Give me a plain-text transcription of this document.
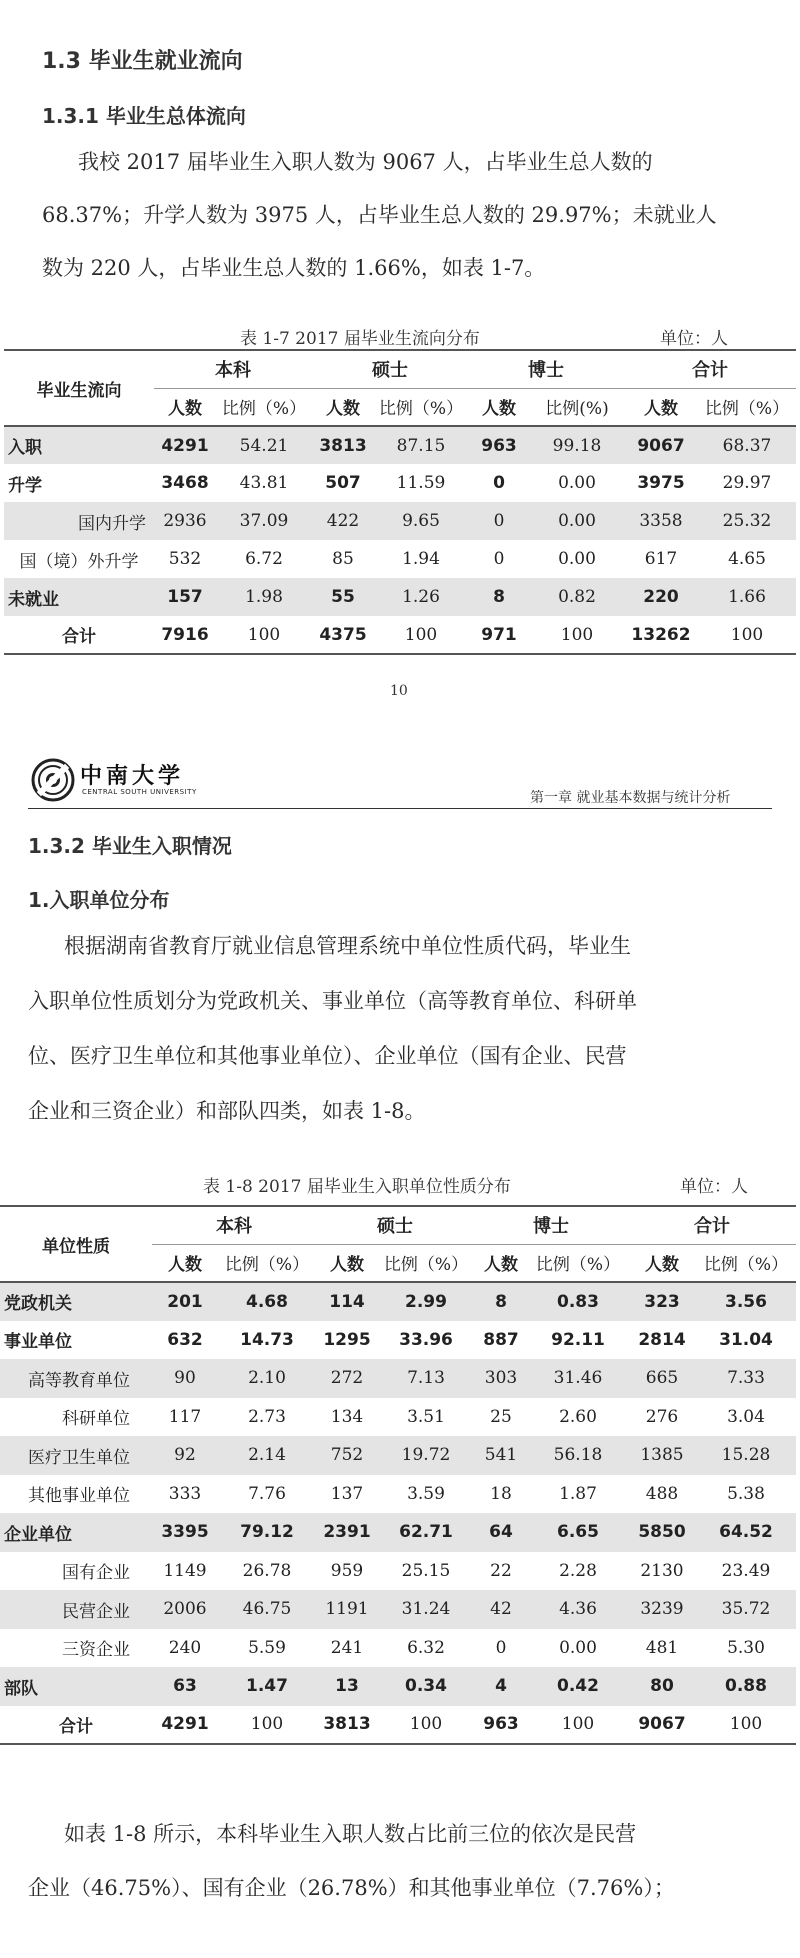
1.3 毕业生就业流向
1.3.1 毕业生总体流向
我校 2017 届毕业生入职人数为 9067 人，占毕业生总人数的
68.37%；升学人数为 3975 人，占毕业生总人数的 29.97%；未就业人
数为 220 人，占毕业生总人数的 1.66%，如表 1-7。
表 1-7 2017 届毕业生流向分布	单位：人
毕业生流向	本科		硕士		博士		合计	
	人数	比例（%）	人数	比例（%）	人数	比例(%)	人数	比例（%）
入职	4291	54.21	3813	87.15	963	99.18	9067	68.37
升学	3468	43.81	507	11.59	0	0.00	3975	29.97
国内升学	2936	37.09	422	9.65	0	0.00	3358	25.32
国（境）外升学	532	6.72	85	1.94	0	0.00	617	4.65
未就业	157	1.98	55	1.26	8	0.82	220	1.66
合计	7916	100	4375	100	971	100	13262	100
10
中南大学
CENTRAL SOUTH UNIVERSITY	第一章 就业基本数据与统计分析
1.3.2 毕业生入职情况
1.入职单位分布
根据湖南省教育厅就业信息管理系统中单位性质代码，毕业生
入职单位性质划分为党政机关、事业单位（高等教育单位、科研单
位、医疗卫生单位和其他事业单位）、企业单位（国有企业、民营
企业和三资企业）和部队四类，如表 1-8。
表 1-8 2017 届毕业生入职单位性质分布	单位：人
单位性质	本科		硕士		博士		合计	
	人数	比例（%）	人数	比例（%）	人数	比例（%）	人数	比例（%）
党政机关	201	4.68	114	2.99	8	0.83	323	3.56
事业单位	632	14.73	1295	33.96	887	92.11	2814	31.04
高等教育单位	90	2.10	272	7.13	303	31.46	665	7.33
科研单位	117	2.73	134	3.51	25	2.60	276	3.04
医疗卫生单位	92	2.14	752	19.72	541	56.18	1385	15.28
其他事业单位	333	7.76	137	3.59	18	1.87	488	5.38
企业单位	3395	79.12	2391	62.71	64	6.65	5850	64.52
国有企业	1149	26.78	959	25.15	22	2.28	2130	23.49
民营企业	2006	46.75	1191	31.24	42	4.36	3239	35.72
三资企业	240	5.59	241	6.32	0	0.00	481	5.30
部队	63	1.47	13	0.34	4	0.42	80	0.88
合计	4291	100	3813	100	963	100	9067	100
如表 1-8 所示，本科毕业生入职人数占比前三位的依次是民营
企业（46.75%）、国有企业（26.78%）和其他事业单位（7.76%）；
